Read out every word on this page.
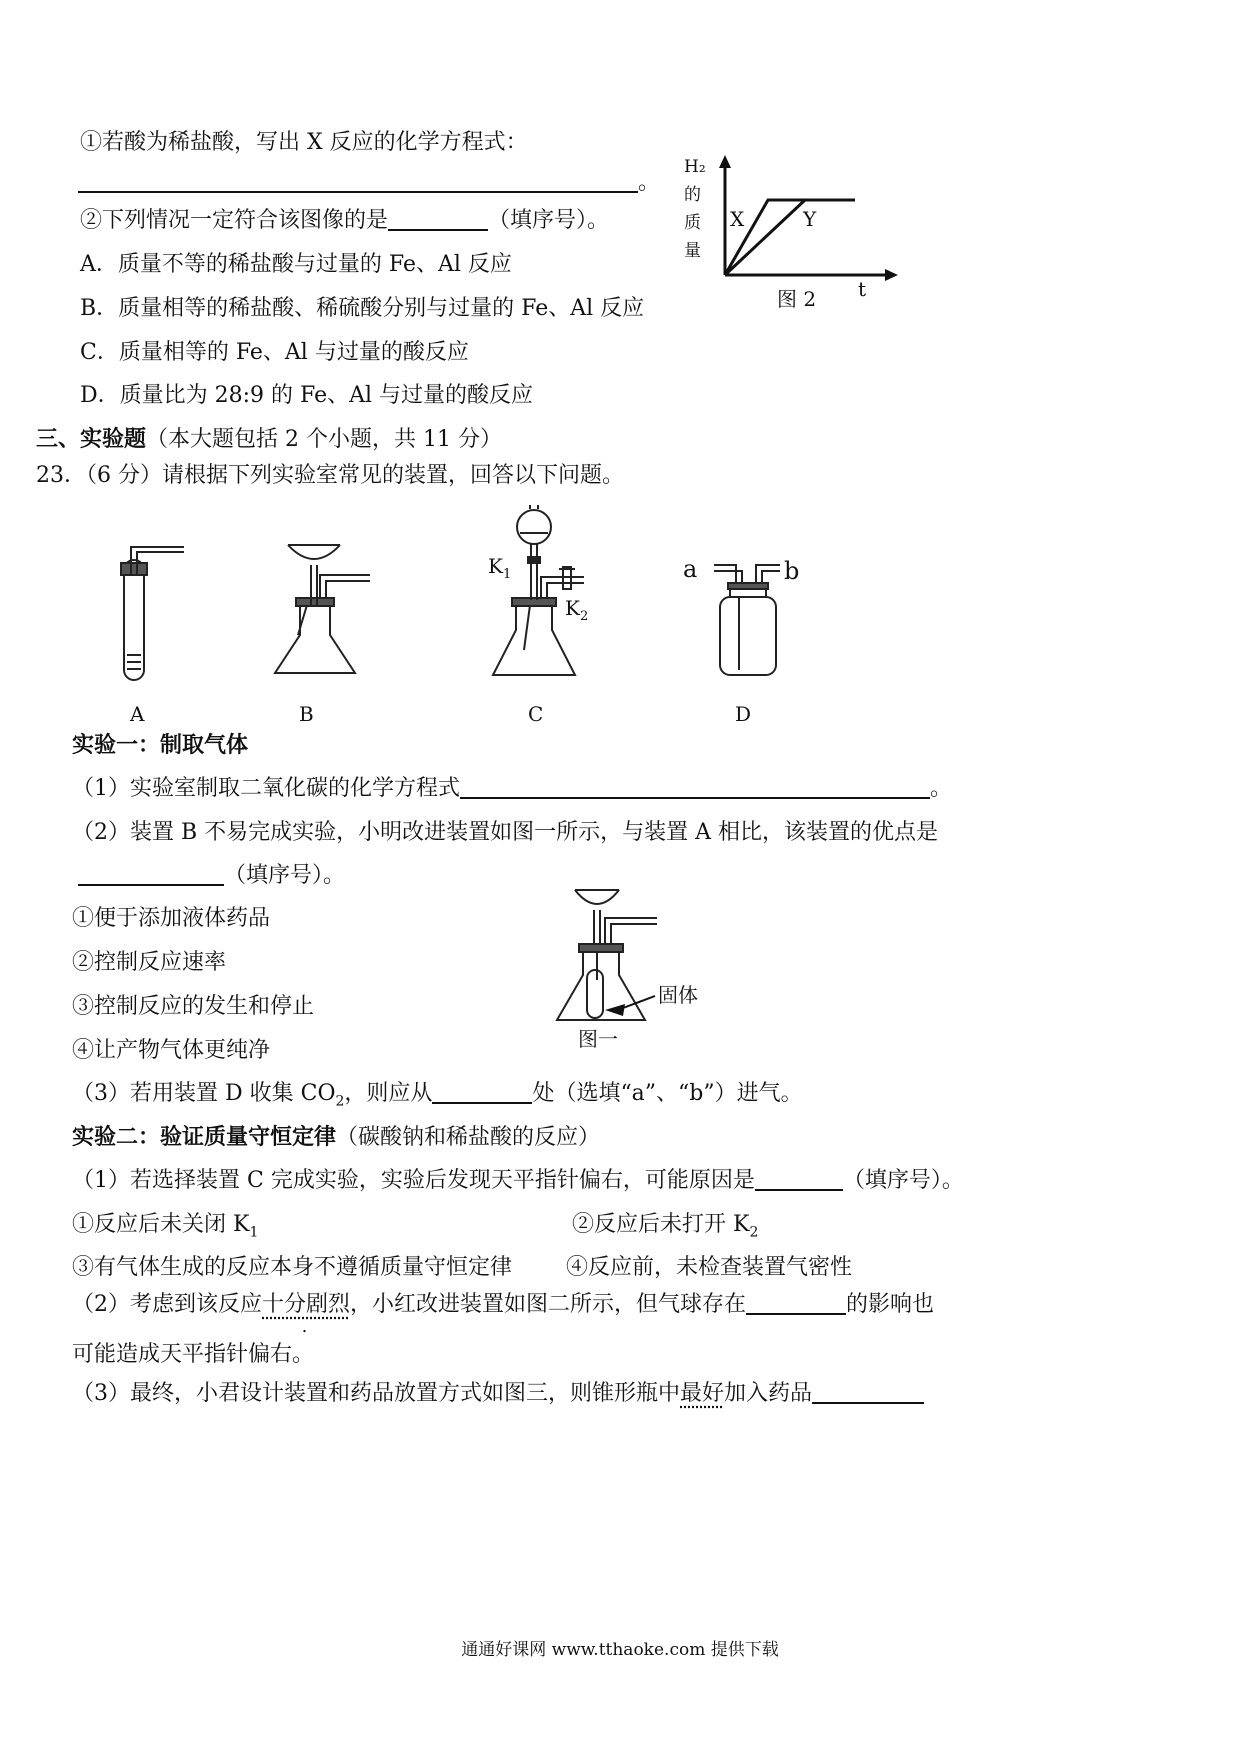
①若酸为稀盐酸，写出 X 反应的化学方程式：
。
②下列情况一定符合该图像的是	（填序号）。
A．质量不等的稀盐酸与过量的 Fe、Al 反应
B．质量相等的稀盐酸、稀硫酸分别与过量的 Fe、Al 反应
C．质量相等的 Fe、Al 与过量的酸反应
D．质量比为 28:9 的 Fe、Al 与过量的酸反应
H₂
的
质
量
X	Y
t
图 2
三、实验题（本大题包括 2 个小题，共 11 分）
23．（6 分）请根据下列实验室常见的装置，回答以下问题。
A	B	C	D
$K_1$
$K_2$
a	b
实验一：制取气体
（1）实验室制取二氧化碳的化学方程式	。
（2）装置 B 不易完成实验，小明改进装置如图一所示，与装置 A 相比，该装置的优点是
（填序号）。
①便于添加液体药品
②控制反应速率
③控制反应的发生和停止
④让产物气体更纯净
固体
图一
（3）若用装置 D 收集 $CO_2$，则应从	处（选填“a”、“b”）进气。
实验二：验证质量守恒定律（碳酸钠和稀盐酸的反应）
（1）若选择装置 C 完成实验，实验后发现天平指针偏右，可能原因是	（填序号）。
①反应后未关闭 $K_1$	②反应后未打开 $K_2$
③有气体生成的反应本身不遵循质量守恒定律 ④反应前，未检查装置气密性
（2）考虑到该反应十分剧烈，小红改进装置如图二所示，但气球存在	的影响也
可能造成天平指针偏右。
（3）最终，小君设计装置和药品放置方式如图三，则锥形瓶中最好加入药品
通通好课网 www.tthaoke.com 提供下载
